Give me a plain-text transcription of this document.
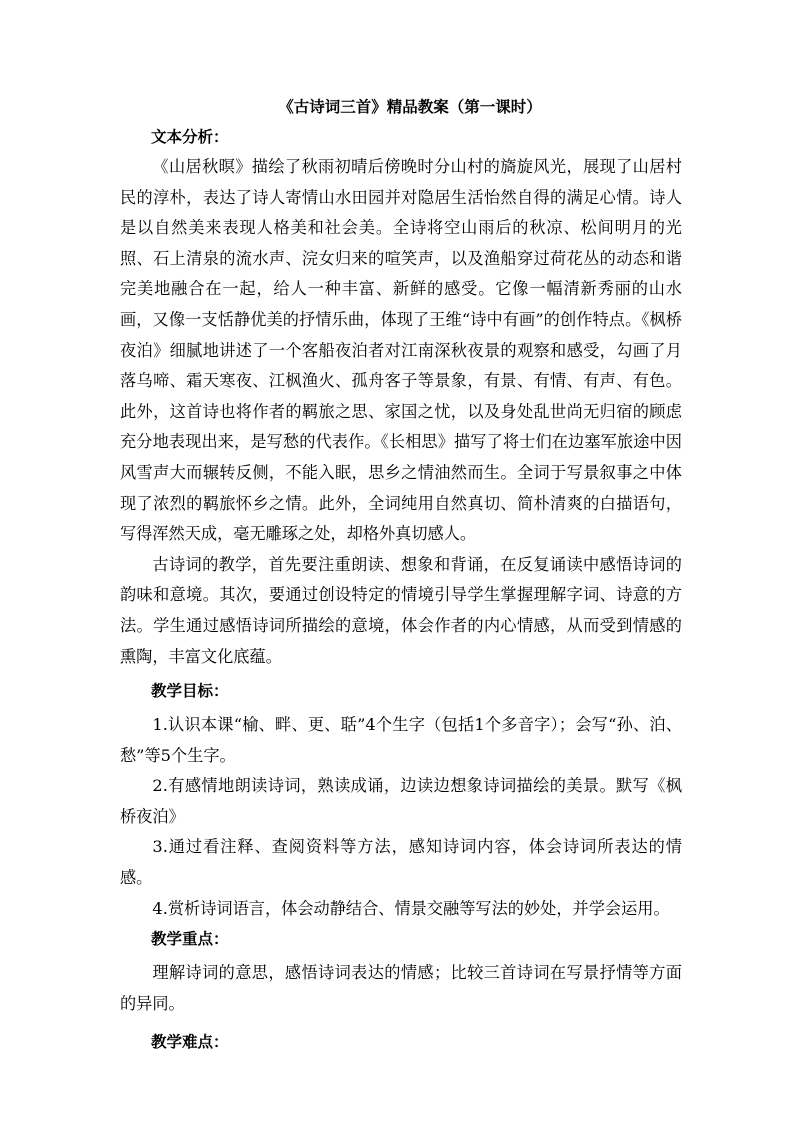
《古诗词三首》精品教案（第一课时）

文本分析：

《山居秋暝》描绘了秋雨初晴后傍晚时分山村的旖旋风光，展现了山居村民的淳朴，表达了诗人寄情山水田园并对隐居生活怡然自得的满足心情。诗人是以自然美来表现人格美和社会美。全诗将空山雨后的秋凉、松间明月的光照、石上清泉的流水声、浣女归来的喧笑声，以及渔船穿过荷花丛的动态和谐完美地融合在一起，给人一种丰富、新鲜的感受。它像一幅清新秀丽的山水画，又像一支恬静优美的抒情乐曲，体现了王维“诗中有画”的创作特点。《枫桥夜泊》细腻地讲述了一个客船夜泊者对江南深秋夜景的观察和感受，勾画了月落乌啼、霜天寒夜、江枫渔火、孤舟客子等景象，有景、有情、有声、有色。此外，这首诗也将作者的羁旅之思、家国之忧，以及身处乱世尚无归宿的顾虑充分地表现出来，是写愁的代表作。《长相思》描写了将士们在边塞军旅途中因风雪声大而辗转反侧，不能入眠，思乡之情油然而生。全词于写景叙事之中体现了浓烈的羁旅怀乡之情。此外，全词纯用自然真切、简朴清爽的白描语句，写得浑然天成，毫无雕琢之处，却格外真切感人。

古诗词的教学，首先要注重朗读、想象和背诵，在反复诵读中感悟诗词的韵味和意境。其次，要通过创设特定的情境引导学生掌握理解字词、诗意的方法。学生通过感悟诗词所描绘的意境，体会作者的内心情感，从而受到情感的熏陶，丰富文化底蕴。

教学目标：

1.认识本课“榆、畔、更、聒”4个生字（包括1个多音字）；会写“孙、泊、愁”等5个生字。

2.有感情地朗读诗词，熟读成诵，边读边想象诗词描绘的美景。默写《枫桥夜泊》

3.通过看注释、查阅资料等方法，感知诗词内容，体会诗词所表达的情感。

4.赏析诗词语言，体会动静结合、情景交融等写法的妙处，并学会运用。

教学重点：

理解诗词的意思，感悟诗词表达的情感；比较三首诗词在写景抒情等方面的异同。

教学难点：
